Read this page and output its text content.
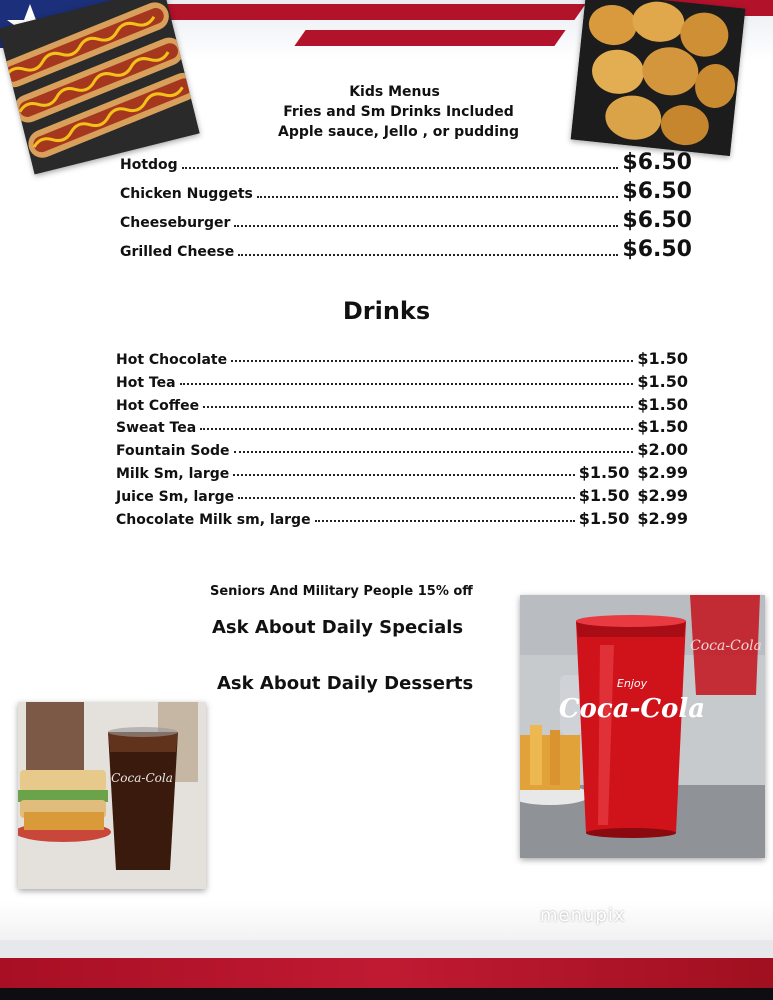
Kids Menus
Fries and Sm Drinks Included
Apple sauce, Jello , or pudding
Hotdog	$6.50
Chicken Nuggets	$6.50
Cheeseburger	$6.50
Grilled Cheese	$6.50
Drinks
Hot Chocolate	$1.50
Hot Tea	$1.50
Hot Coffee	$1.50
Sweat Tea	$1.50
Fountain Sode	$2.00
Milk Sm, large	$1.50 $2.99
Juice Sm, large	$1.50 $2.99
Chocolate Milk sm, large	$1.50 $2.99
Seniors And Military People 15% off
Ask About Daily Specials
Ask About Daily Desserts
Coca-Cola
Coca-Cola
Enjoy
Coca-Cola
menupix
